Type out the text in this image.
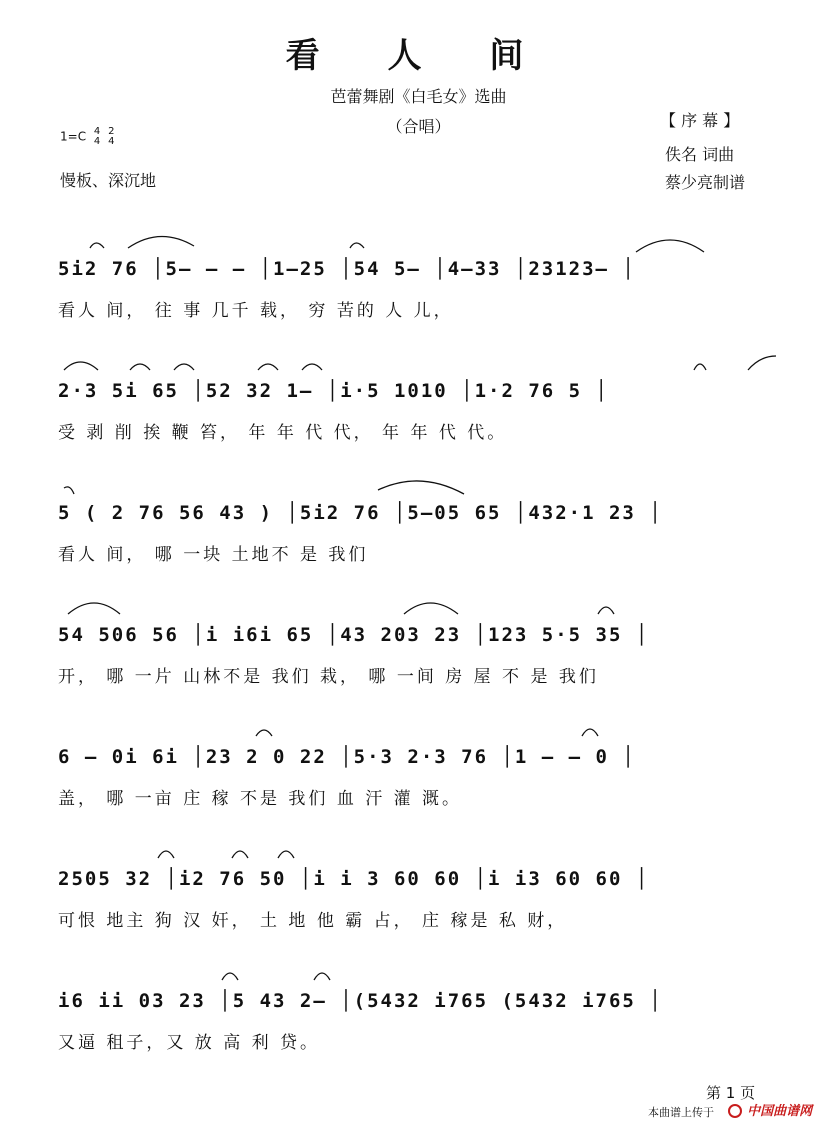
看 人 间
芭蕾舞剧《白毛女》选曲
（合唱）	【 序 幕 】
1=C 4
4

2
4
慢板、深沉地
佚名 词曲
蔡少亮制谱
5i2 76 │5– – – │1–25 │54 5– │4–33 │23123– │
看人 间， 往 事 几千 载， 穷 苦的 人 儿，
2·3 5i 65 │52 32 1– │i·5 1010 │1·2 76 5 │
受 剥 削 挨 鞭 笞， 年 年 代 代， 年 年 代 代。
5 ( 2 76 56 43 ) │5i2 76 │5–05 65 │432·1 23 │
看人 间， 哪 一块 土地不 是 我们
54 506 56 │i i6i 65 │43 203 23 │123 5·5 35 │
开， 哪 一片 山林不是 我们 栽， 哪 一间 房 屋 不 是 我们
6 – 0i 6i │23 2 0 22 │5·3 2·3 76 │1 – – 0 │
盖， 哪 一亩 庄 稼 不是 我们 血 汗 灌 溉。
2505 32 │i2 76 50 │i i 3 60 60 │i i3 60 60 │
可恨 地主 狗 汉 奸， 土 地 他 霸 占， 庄 稼是 私 财，
i6 ii 03 23 │5 43 2– │(5432 i765 (5432 i765 │
又逼 租子，又 放 高 利 贷。
第 1 页
本曲谱上传于	中国曲谱网
